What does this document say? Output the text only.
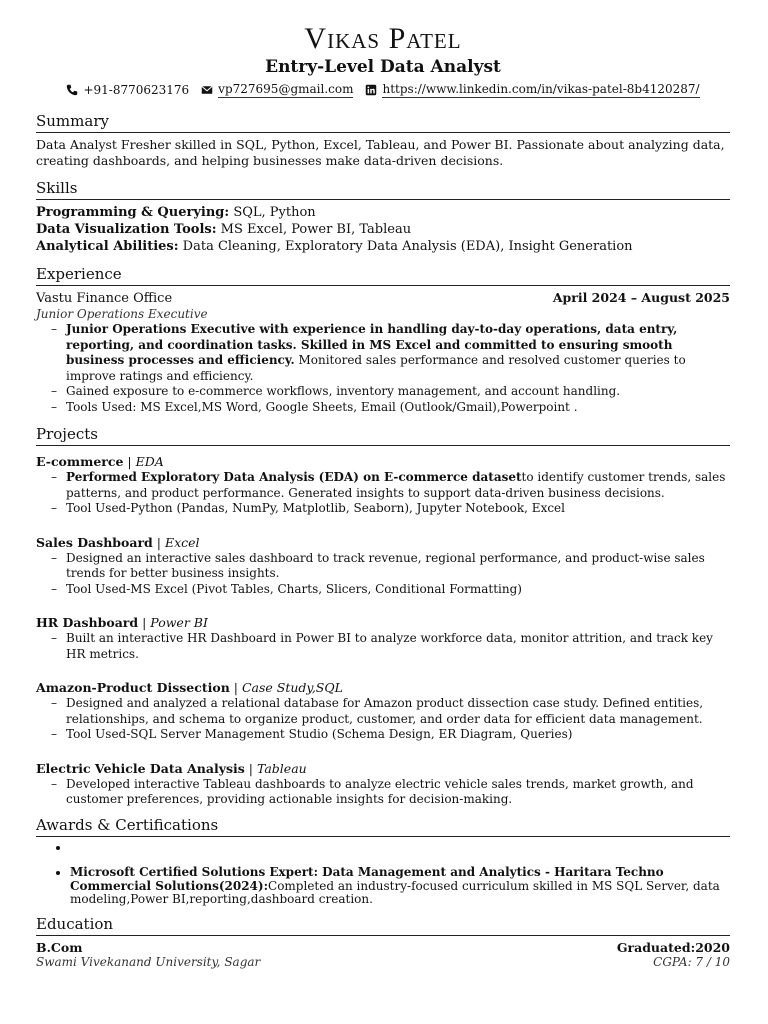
Vikas Patel
Entry-Level Data Analyst
+91-8770623176 vp727695@gmail.com https://www.linkedin.com/in/vikas-patel-8b4120287/
Summary

Data Analyst Fresher skilled in SQL, Python, Excel, Tableau, and Power BI. Passionate about analyzing data, creating dashboards, and helping businesses make data-driven decisions.

Skills
Programming & Querying: SQL, Python
Data Visualization Tools: MS Excel, Power BI, Tableau
Analytical Abilities: Data Cleaning, Exploratory Data Analysis (EDA), Insight Generation
Experience
Vastu Finance Office	April 2024 – August 2025
Junior Operations Executive
– Junior Operations Executive with experience in handling day-to-day operations, data entry, reporting, and coordination tasks. Skilled in MS Excel and committed to ensuring smooth business processes and efficiency. Monitored sales performance and resolved customer queries to improve ratings and efficiency.
– Gained exposure to e-commerce workflows, inventory management, and account handling.
– Tools Used: MS Excel,MS Word, Google Sheets, Email (Outlook/Gmail),Powerpoint .
Projects
E-commerce | EDA
– Performed Exploratory Data Analysis (EDA) on E-commerce datasetto identify customer trends, sales patterns, and product performance. Generated insights to support data-driven business decisions.
– Tool Used-Python (Pandas, NumPy, Matplotlib, Seaborn), Jupyter Notebook, Excel
Sales Dashboard | Excel
– Designed an interactive sales dashboard to track revenue, regional performance, and product-wise sales trends for better business insights.
– Tool Used-MS Excel (Pivot Tables, Charts, Slicers, Conditional Formatting)
HR Dashboard | Power BI
– Built an interactive HR Dashboard in Power BI to analyze workforce data, monitor attrition, and track key HR metrics.
Amazon-Product Dissection | Case Study,SQL
– Designed and analyzed a relational database for Amazon product dissection case study. Defined entities, relationships, and schema to organize product, customer, and order data for efficient data management.
– Tool Used-SQL Server Management Studio (Schema Design, ER Diagram, Queries)
Electric Vehicle Data Analysis | Tableau
– Developed interactive Tableau dashboards to analyze electric vehicle sales trends, market growth, and customer preferences, providing actionable insights for decision-making.
Awards & Certifications
•
• Microsoft Certified Solutions Expert: Data Management and Analytics - Haritara Techno Commercial Solutions(2024):Completed an industry-focused curriculum skilled in MS SQL Server, data modeling,Power BI,reporting,dashboard creation.
Education
B.Com	Graduated:2020
Swami Vivekanand University, Sagar	CGPA: 7 / 10
